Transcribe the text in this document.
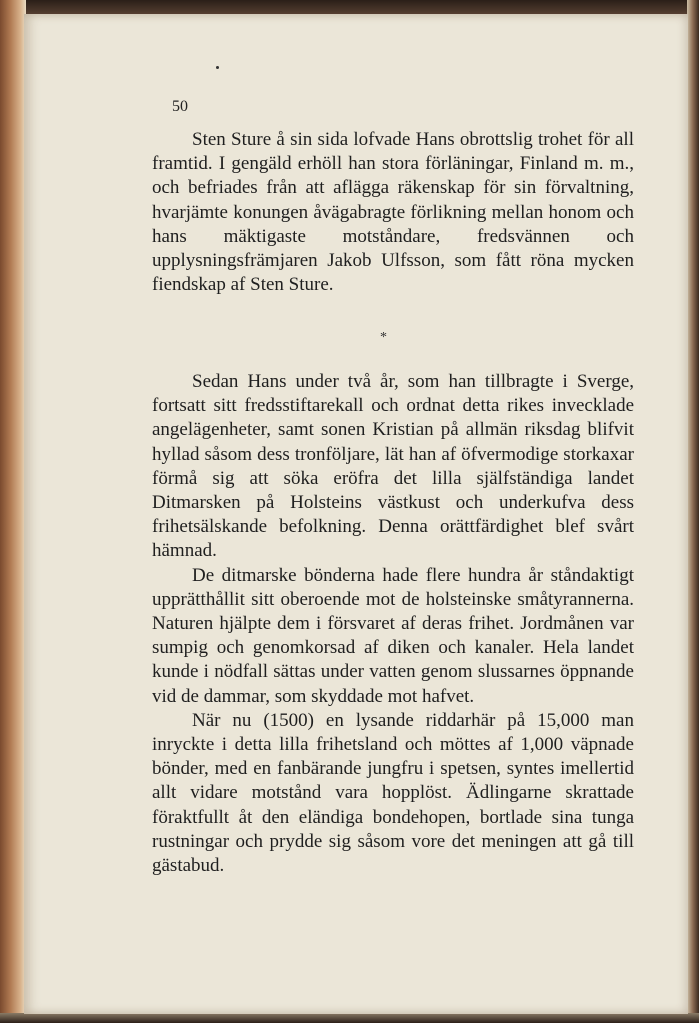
50

Sten Sture å sin sida lofvade Hans obrottslig trohet för all framtid. I gengäld erhöll han stora förläningar, Finland m. m., och befriades från att aflägga räkenskap för sin förvaltning, hvarjämte konungen åvägabragte förlikning mellan honom och hans mäktigaste motståndare, fredsvännen och upplysningsfrämjaren Jakob Ulfsson, som fått röna mycken fiendskap af Sten Sture.

*

Sedan Hans under två år, som han tillbragte i Sverge, fortsatt sitt fredsstiftarekall och ordnat detta rikes invecklade angelägenheter, samt sonen Kristian på allmän riksdag blifvit hyllad såsom dess tronföljare, lät han af öfvermodige storkaxar förmå sig att söka eröfra det lilla själfständiga landet Ditmarsken på Holsteins västkust och underkufva dess frihetsälskande befolkning. Denna orättfärdighet blef svårt hämnad.

De ditmarske bönderna hade flere hundra år ståndaktigt upprätthållit sitt oberoende mot de holsteinske småtyrannerna. Naturen hjälpte dem i försvaret af deras frihet. Jordmånen var sumpig och genomkorsad af diken och kanaler. Hela landet kunde i nödfall sättas under vatten genom slussarnes öppnande vid de dammar, som skyddade mot hafvet.

När nu (1500) en lysande riddarhär på 15,000 man inryckte i detta lilla frihetsland och möttes af 1,000 väpnade bönder, med en fanbärande jungfru i spetsen, syntes imellertid allt vidare motstånd vara hopplöst. Ädlingarne skrattade föraktfullt åt den eländiga bondehopen, bortlade sina tunga rustningar och prydde sig såsom vore det meningen att gå till gästabud.
